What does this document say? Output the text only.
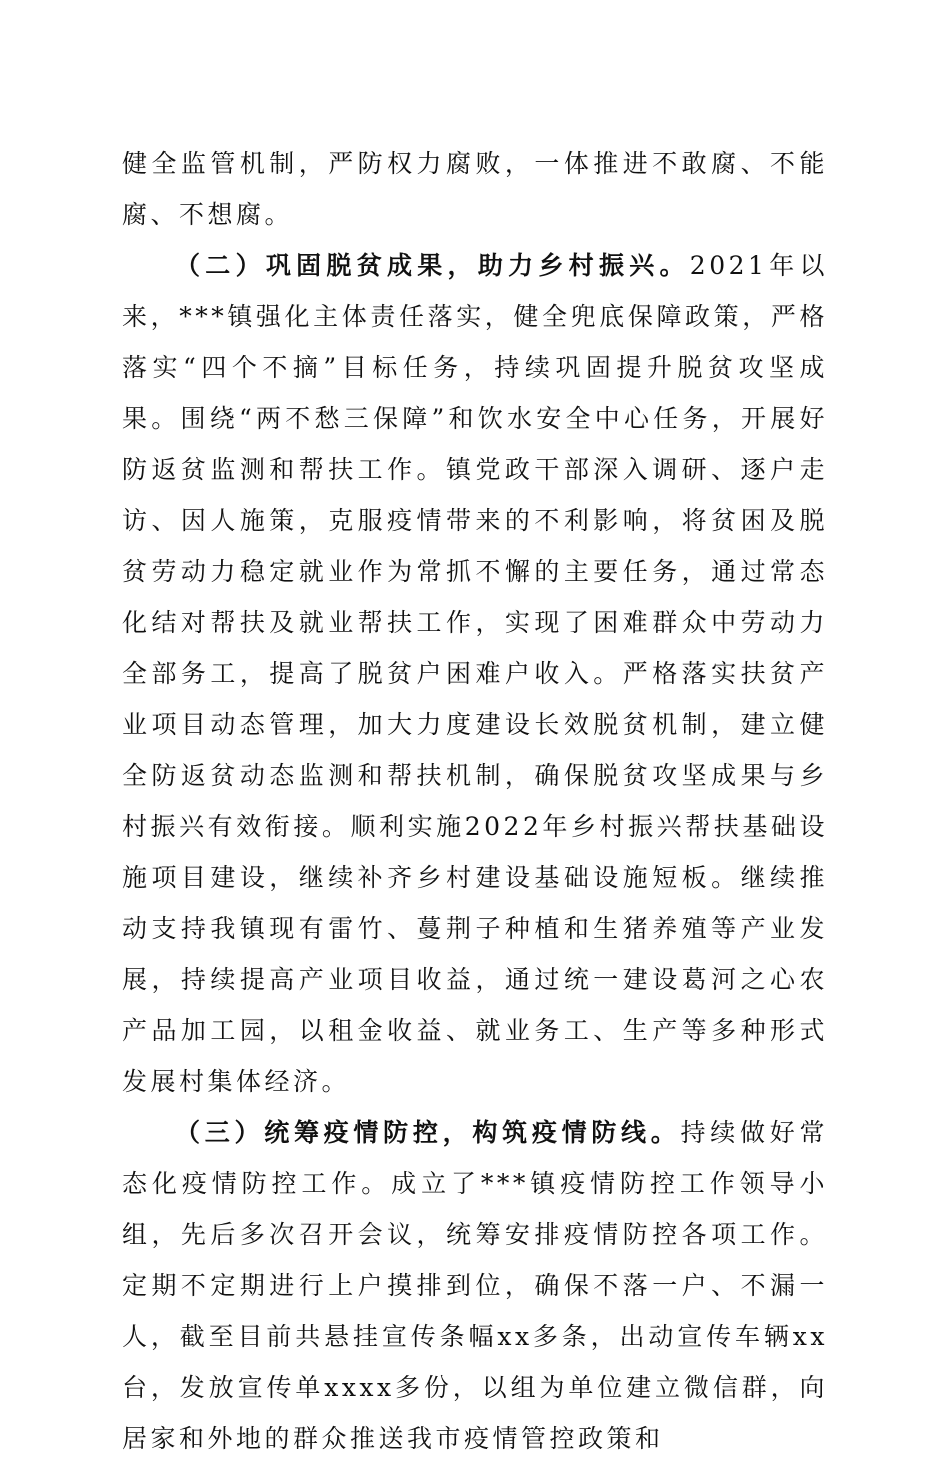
健全监管机制，严防权力腐败，一体推进不敢腐、不能腐、不想腐。

（二）巩固脱贫成果，助力乡村振兴。2021年以来，***镇强化主体责任落实，健全兜底保障政策，严格落实“四个不摘”目标任务，持续巩固提升脱贫攻坚成果。围绕“两不愁三保障”和饮水安全中心任务，开展好防返贫监测和帮扶工作。镇党政干部深入调研、逐户走访、因人施策，克服疫情带来的不利影响，将贫困及脱贫劳动力稳定就业作为常抓不懈的主要任务，通过常态化结对帮扶及就业帮扶工作，实现了困难群众中劳动力全部务工，提高了脱贫户困难户收入。严格落实扶贫产业项目动态管理，加大力度建设长效脱贫机制，建立健全防返贫动态监测和帮扶机制，确保脱贫攻坚成果与乡村振兴有效衔接。顺利实施2022年乡村振兴帮扶基础设施项目建设，继续补齐乡村建设基础设施短板。继续推动支持我镇现有雷竹、蔓荆子种植和生猪养殖等产业发展，持续提高产业项目收益，通过统一建设葛河之心农产品加工园，以租金收益、就业务工、生产等多种形式发展村集体经济。

（三）统筹疫情防控，构筑疫情防线。持续做好常态化疫情防控工作。成立了***镇疫情防控工作领导小组，先后多次召开会议，统筹安排疫情防控各项工作。定期不定期进行上户摸排到位，确保不落一户、不漏一人，截至目前共悬挂宣传条幅xx多条，出动宣传车辆xx台，发放宣传单xxxx多份，以组为单位建立微信群，向居家和外地的群众推送我市疫情管控政策和
